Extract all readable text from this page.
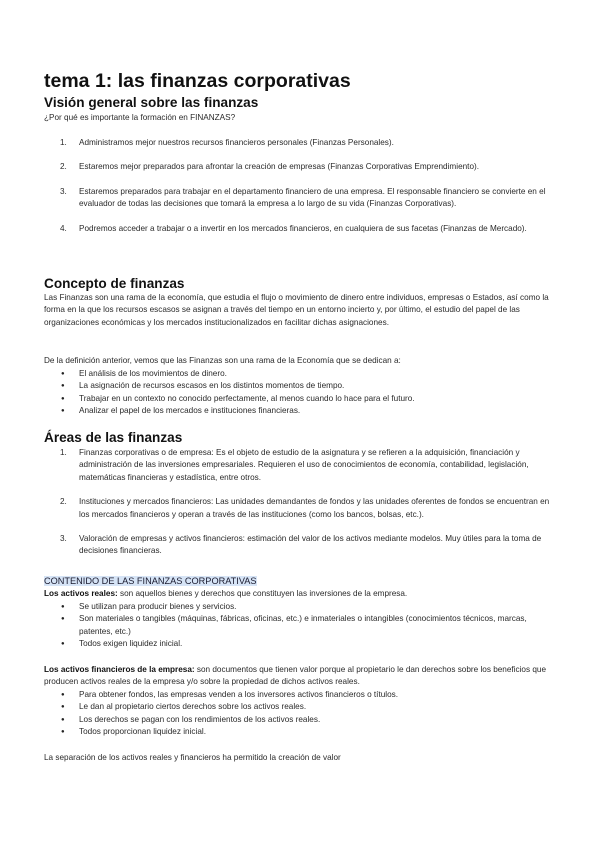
tema 1: las finanzas corporativas
Visión general sobre las finanzas

¿Por qué es importante la formación en FINANZAS?

1. Administramos mejor nuestros recursos financieros personales (Finanzas Personales).
2. Estaremos mejor preparados para afrontar la creación de empresas (Finanzas Corporativas Emprendimiento).
3. Estaremos preparados para trabajar en el departamento financiero de una empresa. El responsable financiero se convierte en el evaluador de todas las decisiones que tomará la empresa a lo largo de su vida (Finanzas Corporativas).
4. Podremos acceder a trabajar o a invertir en los mercados financieros, en cualquiera de sus facetas (Finanzas de Mercado).
Concepto de finanzas

Las Finanzas son una rama de la economía, que estudia el flujo o movimiento de dinero entre individuos, empresas o Estados, así como la forma en la que los recursos escasos se asignan a través del tiempo en un entorno incierto y, por último, el estudio del papel de las organizaciones económicas y los mercados institucionalizados en facilitar dichas asignaciones.

De la definición anterior, vemos que las Finanzas son una rama de la Economía que se dedican a:

● El análisis de los movimientos de dinero.
● La asignación de recursos escasos en los distintos momentos de tiempo.
● Trabajar en un contexto no conocido perfectamente, al menos cuando lo hace para el futuro.
● Analizar el papel de los mercados e instituciones financieras.
Áreas de las finanzas
1. Finanzas corporativas o de empresa: Es el objeto de estudio de la asignatura y se refieren a la adquisición, financiación y administración de las inversiones empresariales. Requieren el uso de conocimientos de economía, contabilidad, legislación, matemáticas financieras y estadística, entre otros.
2. Instituciones y mercados financieros: Las unidades demandantes de fondos y las unidades oferentes de fondos se encuentran en los mercados financieros y operan a través de las instituciones (como los bancos, bolsas, etc.).
3. Valoración de empresas y activos financieros: estimación del valor de los activos mediante modelos. Muy útiles para la toma de decisiones financieras.

CONTENIDO DE LAS FINANZAS CORPORATIVAS

Los activos reales: son aquellos bienes y derechos que constituyen las inversiones de la empresa.

● Se utilizan para producir bienes y servicios.
● Son materiales o tangibles (máquinas, fábricas, oficinas, etc.) e inmateriales o intangibles (conocimientos técnicos, marcas, patentes, etc.)
● Todos exigen liquidez inicial.

Los activos financieros de la empresa: son documentos que tienen valor porque al propietario le dan derechos sobre los beneficios que producen activos reales de la empresa y/o sobre la propiedad de dichos activos reales.

● Para obtener fondos, las empresas venden a los inversores activos financieros o títulos.
● Le dan al propietario ciertos derechos sobre los activos reales.
● Los derechos se pagan con los rendimientos de los activos reales.
● Todos proporcionan liquidez inicial.

La separación de los activos reales y financieros ha permitido la creación de valor
